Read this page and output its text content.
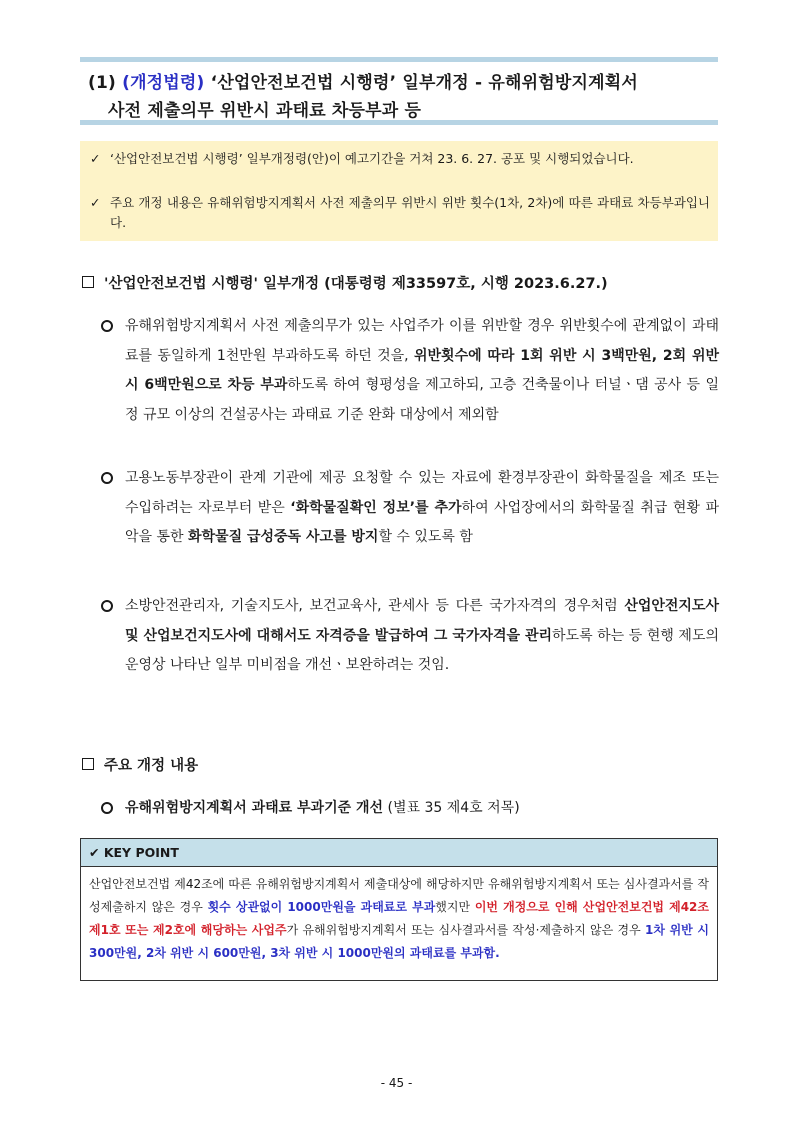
(1) (개정법령) ‘산업안전보건법 시행령’ 일부개정 - 유해위험방지계획서
사전 제출의무 위반시 과태료 차등부과 등
✓ ‘산업안전보건법 시행령’ 일부개정령(안)이 예고기간을 거쳐 23. 6. 27. 공포 및 시행되었습니다.
✓ 주요 개정 내용은 유해위험방지계획서 사전 제출의무 위반시 위반 횟수(1차, 2차)에 따른 과태료 차등부과입니다.
'산업안전보건법 시행령' 일부개정 (대통령령 제33597호, 시행 2023.6.27.)
유해위험방지계획서 사전 제출의무가 있는 사업주가 이를 위반할 경우 위반횟수에 관계없이 과태료를 동일하게 1천만원 부과하도록 하던 것을, 위반횟수에 따라 1회 위반 시 3백만원, 2회 위반 시 6백만원으로 차등 부과하도록 하여 형평성을 제고하되, 고층 건축물이나 터널ㆍ댐 공사 등 일정 규모 이상의 건설공사는 과태료 기준 완화 대상에서 제외함
고용노동부장관이 관계 기관에 제공 요청할 수 있는 자료에 환경부장관이 화학물질을 제조 또는 수입하려는 자로부터 받은 ‘화학물질확인 정보’를 추가하여 사업장에서의 화학물질 취급 현황 파악을 통한 화학물질 급성중독 사고를 방지할 수 있도록 함
소방안전관리자, 기술지도사, 보건교육사, 관세사 등 다른 국가자격의 경우처럼 산업안전지도사 및 산업보건지도사에 대해서도 자격증을 발급하여 그 국가자격을 관리하도록 하는 등 현행 제도의 운영상 나타난 일부 미비점을 개선ㆍ보완하려는 것임.
주요 개정 내용
유해위험방지계획서 과태료 부과기준 개선 (별표 35 제4호 저목)
✔ KEY POINT
산업안전보건법 제42조에 따른 유해위험방지계획서 제출대상에 해당하지만 유해위험방지계획서 또는 심사결과서를 작성제출하지 않은 경우 횟수 상관없이 1000만원을 과태료로 부과했지만 이번 개정으로 인해 산업안전보건법 제42조 제1호 또는 제2호에 해당하는 사업주가 유해위험방지계획서 또는 심사결과서를 작성·제출하지 않은 경우 1차 위반 시 300만원, 2차 위반 시 600만원, 3차 위반 시 1000만원의 과태료를 부과함.
- 45 -
